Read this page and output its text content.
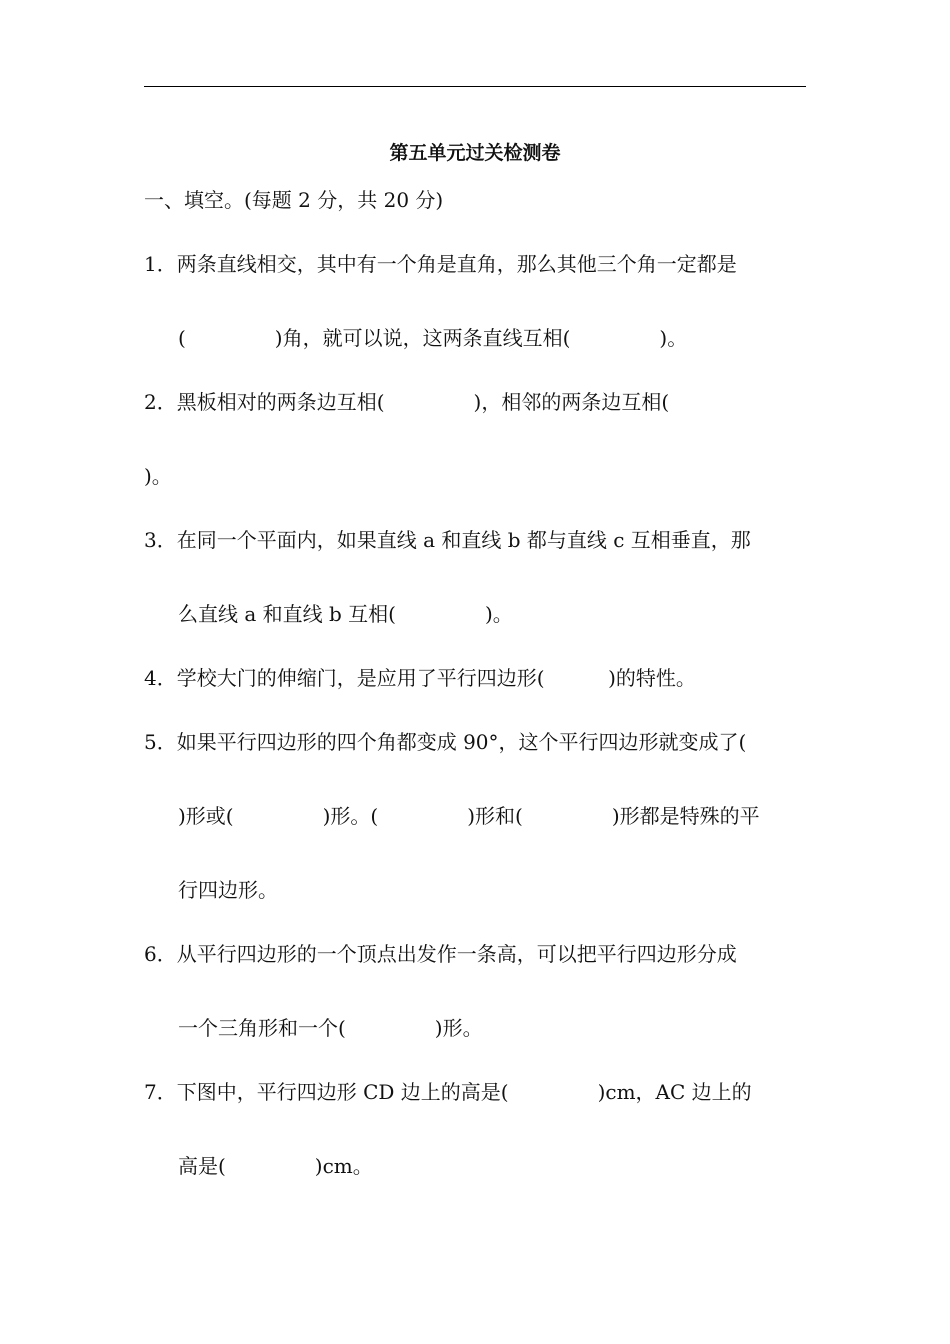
第五单元过关检测卷
一、填空。(每题 2 分，共 20 分)
1．两条直线相交，其中有一个角是直角，那么其他三个角一定都是
(              )角，就可以说，这两条直线互相(              )。
2．黑板相对的两条边互相(              )，相邻的两条边互相(
)。
3．在同一个平面内，如果直线 a 和直线 b 都与直线 c 互相垂直，那
么直线 a 和直线 b 互相(              )。
4．学校大门的伸缩门，是应用了平行四边形(          )的特性。
5．如果平行四边形的四个角都变成 90°，这个平行四边形就变成了(
)形或(              )形。(              )形和(              )形都是特殊的平
行四边形。
6．从平行四边形的一个顶点出发作一条高，可以把平行四边形分成
一个三角形和一个(              )形。
7．下图中，平行四边形 CD 边上的高是(              )cm，AC 边上的
高是(              )cm。
